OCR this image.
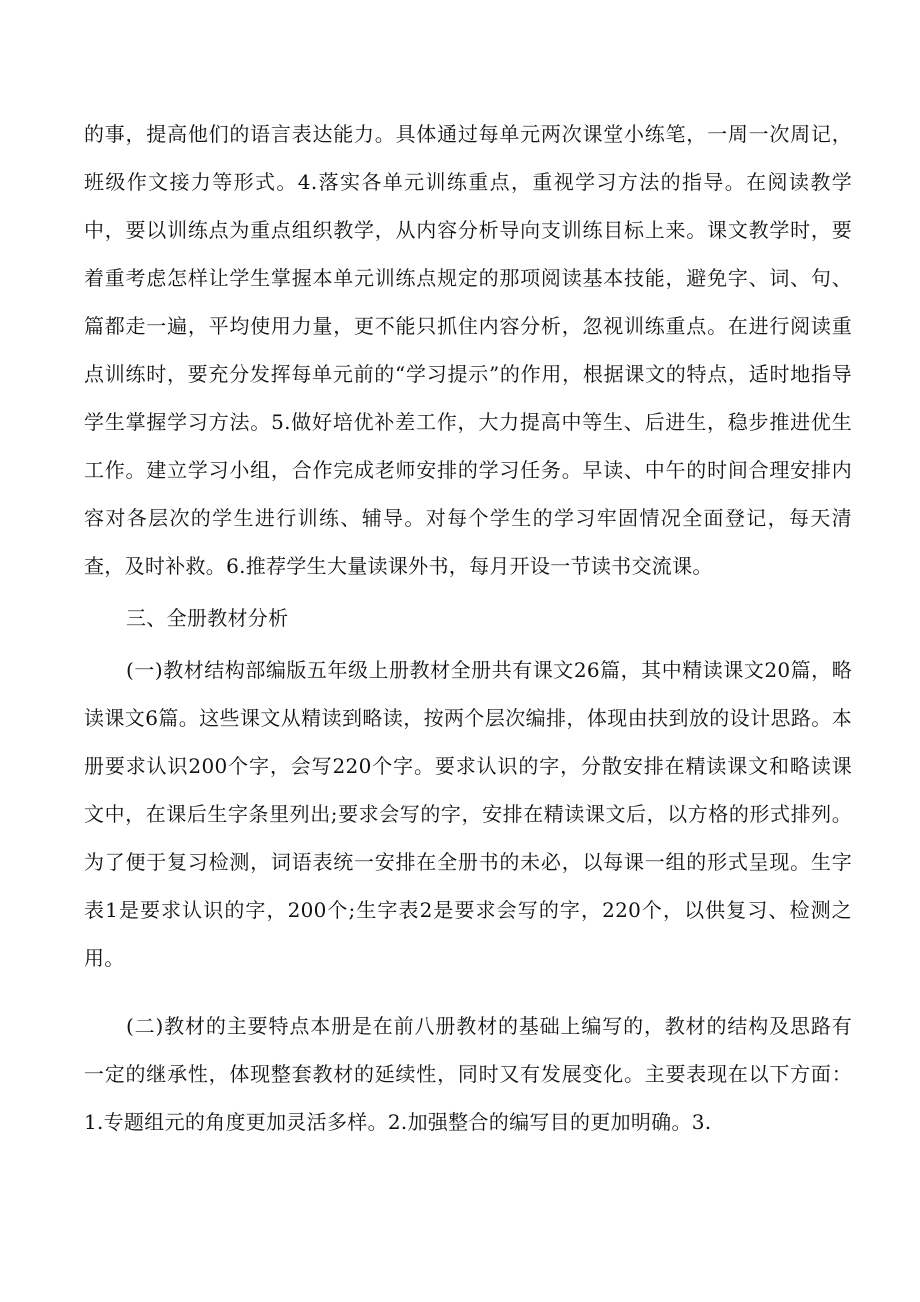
的事，提高他们的语言表达能力。具体通过每单元两次课堂小练笔，一周一次周记，班级作文接力等形式。4.落实各单元训练重点，重视学习方法的指导。在阅读教学中，要以训练点为重点组织教学，从内容分析导向支训练目标上来。课文教学时，要着重考虑怎样让学生掌握本单元训练点规定的那项阅读基本技能，避免字、词、句、篇都走一遍，平均使用力量，更不能只抓住内容分析，忽视训练重点。在进行阅读重点训练时，要充分发挥每单元前的“学习提示”的作用，根据课文的特点，适时地指导学生掌握学习方法。5.做好培优补差工作，大力提高中等生、后进生，稳步推进优生工作。建立学习小组，合作完成老师安排的学习任务。早读、中午的时间合理安排内容对各层次的学生进行训练、辅导。对每个学生的学习牢固情况全面登记，每天清查，及时补救。6.推荐学生大量读课外书，每月开设一节读书交流课。

三、全册教材分析

(一)教材结构部编版五年级上册教材全册共有课文26篇，其中精读课文20篇，略读课文6篇。这些课文从精读到略读，按两个层次编排，体现由扶到放的设计思路。本册要求认识200个字，会写220个字。要求认识的字，分散安排在精读课文和略读课文中，在课后生字条里列出;要求会写的字，安排在精读课文后，以方格的形式排列。为了便于复习检测，词语表统一安排在全册书的未必，以每课一组的形式呈现。生字表1是要求认识的字，200个;生字表2是要求会写的字，220个，以供复习、检测之用。

(二)教材的主要特点本册是在前八册教材的基础上编写的，教材的结构及思路有一定的继承性，体现整套教材的延续性，同时又有发展变化。主要表现在以下方面：1.专题组元的角度更加灵活多样。2.加强整合的编写目的更加明确。3.
